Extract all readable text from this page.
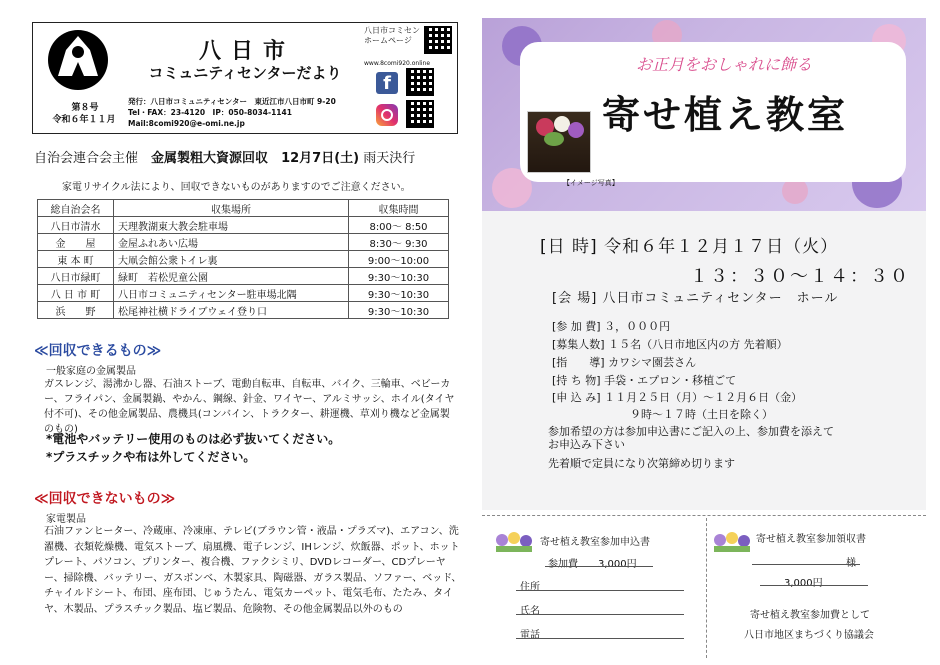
八日市
コミュニティセンターだより
第８号
令和６年１１月
発行：八日市コミュニティセンター　東近江市八日市町 9-20
Tel・FAX：23-4120　IP：050-8034-1141
Mail:8comi920@e-omi.ne.jp
八日市コミセン
ホームページ
www.8comi920.online
f
自治会連合会主催　 金属製粗大資源回収　 12月7日(土) 雨天決行
家電リサイクル法により、回収できないものがありますのでご注意ください。
総自治会名	収集場所	収集時間
八日市清水	天理教湖東大教会駐車場	8:00～ 8:50
金　　屋	金屋ふれあい広場	8:30～ 9:30
東 本 町	大凧会館公衆トイレ裏	9:00～10:00
八日市緑町	緑町　若松児童公園	9:30～10:30
八 日 市 町	八日市コミュニティセンター駐車場北隅	9:30～10:30
浜　　野	松尾神社横ドライブウェイ登り口	9:30～10:30
≪回収できるもの≫
一般家庭の金属製品
ガスレンジ、湯沸かし器、石油ストーブ、電動自転車、自転車、バイク、三輪車、ベビーカー、フライパン、金属製鍋、やかん、鋼線、針金、ワイヤー、アルミサッシ、ホイル(タイヤ付不可)、その他金属製品、農機具(コンバイン、トラクター、耕運機、草刈り機など金属製のもの)
*電池やバッテリー使用のものは必ず抜いてください。
*プラスチックや布は外してください。
≪回収できないもの≫
家電製品
石油ファンヒーター、冷蔵庫、冷凍庫、テレビ(ブラウン管・液晶・プラズマ)、エアコン、洗濯機、衣類乾燥機、電気ストーブ、扇風機、電子レンジ、IHレンジ、炊飯器、ポット、ホットプレート、パソコン、プリンター、複合機、ファクシミリ、DVDレコーダー、CDプレーヤー、掃除機、バッテリー、ガスボンベ、木製家具、陶磁器、ガラス製品、ソファー、ベッド、チャイルドシート、布団、座布団、じゅうたん、電気カーペット、電気毛布、たたみ、タイヤ、木製品、プラスチック製品、塩ビ製品、危険物、その他金属製品以外のもの
お正月をおしゃれに飾る
寄せ植え教室
【イメージ写真】
[日 時] 令和６年１２月１７日（火）
１３：３０～１４：３０
[会 場] 八日市コミュニティセンター　ホール
[参 加 費] ３，０００円
[募集人数] １５名（八日市地区内の方 先着順）
[指　　導] カワシマ園芸さん
[持 ち 物] 手袋・エプロン・移植ごて
[申 込 み] １１月２５日（月）～１２月６日（金）
９時～１７時（土日を除く）
参加希望の方は参加申込書にご記入の上、参加費を添えて
お申込み下さい
先着順で定員になり次第締め切ります
寄せ植え教室参加申込書
参加費　　 3,000円
住所
氏名
電話
寄せ植え教室参加領収書
様
3,000円
寄せ植え教室参加費として
八日市地区まちづくり協議会
